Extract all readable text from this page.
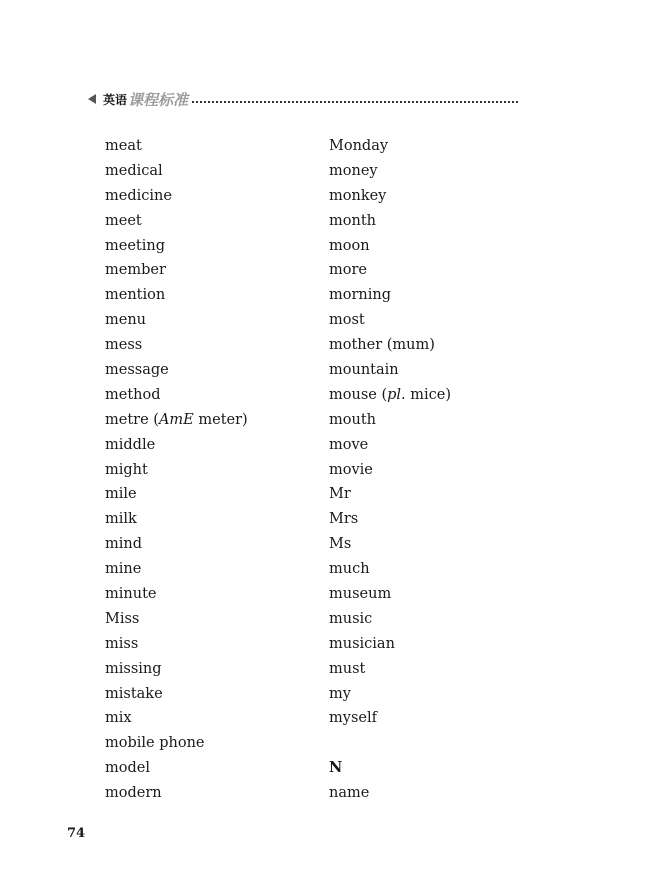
英语 课程标准
meat
medical
medicine
meet
meeting
member
mention
menu
mess
message
method
metre (AmE meter)
middle
might
mile
milk
mind
mine
minute
Miss
miss
missing
mistake
mix
mobile phone
model
modern
Monday
money
monkey
month
moon
more
morning
most
mother (mum)
mountain
mouse (pl. mice)
mouth
move
movie
Mr
Mrs
Ms
much
museum
music
musician
must
my
myself
N
name
74
